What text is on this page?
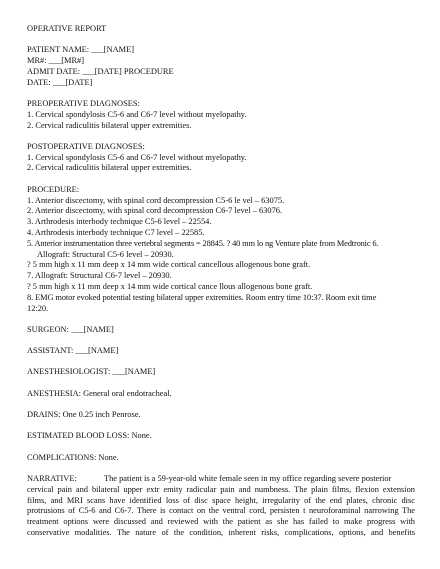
OPERATIVE REPORT
PATIENT NAME: ___[NAME]
MR#: ___[MR#]
ADMIT DATE: ___[DATE] PROCEDURE
DATE: ___[DATE]
PREOPERATIVE DIAGNOSES:
1. Cervical spondylosis C5-6 and C6-7 level without myelopathy.
2. Cervical radiculitis bilateral upper extremities.
POSTOPERATIVE DIAGNOSES:
1. Cervical spondylosis C5-6 and C6-7 level without myelopathy.
2. Cervical radiculitis bilateral upper extremities.
PROCEDURE:
1. Anterior discectomy, with spinal cord decompression C5-6 le vel – 63075.
2. Anterior discectomy, with spinal cord decompression C6-7 level – 63076.
3. Arthrodesis interbody technique C5-6 level – 22554.
4. Arthrodesis interbody technique C7 level – 22585.
5. Anterior instrumentation three vertebral segments = 28845. ? 40 mm lo ng Venture plate from Medtronic 6.
Allograft: Structural C5-6 level – 20930.
? 5 mm high x 11 mm deep x 14 mm wide cortical cancellous allogenous bone graft.
7. Allograft: Structural C6-7 level – 20930.
? 5 mm high x 11 mm deep x 14 mm wide cortical cance llous allogenous bone graft.
8. EMG motor evoked potential testing bilateral upper extremities. Room entry time 10:37. Room exit time
12:20.
SURGEON: ___[NAME]
ASSISTANT: ___[NAME]
ANESTHESIOLOGIST: ___[NAME]
ANESTHESIA: General oral endotracheal.
DRAINS: One 0.25 inch Penrose.
ESTIMATED BLOOD LOSS: None.
COMPLICATIONS: None.
NARRATIVE:	The patient is a 59-year-old white female seen in my office regarding severe posterior
cervical pain and bilateral upper extr emity radicular pain and numbness. The plain films, flexion extension
films, and MRI scans have identified loss of disc space height, irregularity of the end plates, chronic disc
protrusions of C5-6 and C6-7. There is contact on the ventral cord, persisten t neuroforaminal narrowing The
treatment options were discussed and reviewed with the patient as she has failed to make progress with
conservative modalities. The nature of the condition, inherent risks, complications, options, and benefits
